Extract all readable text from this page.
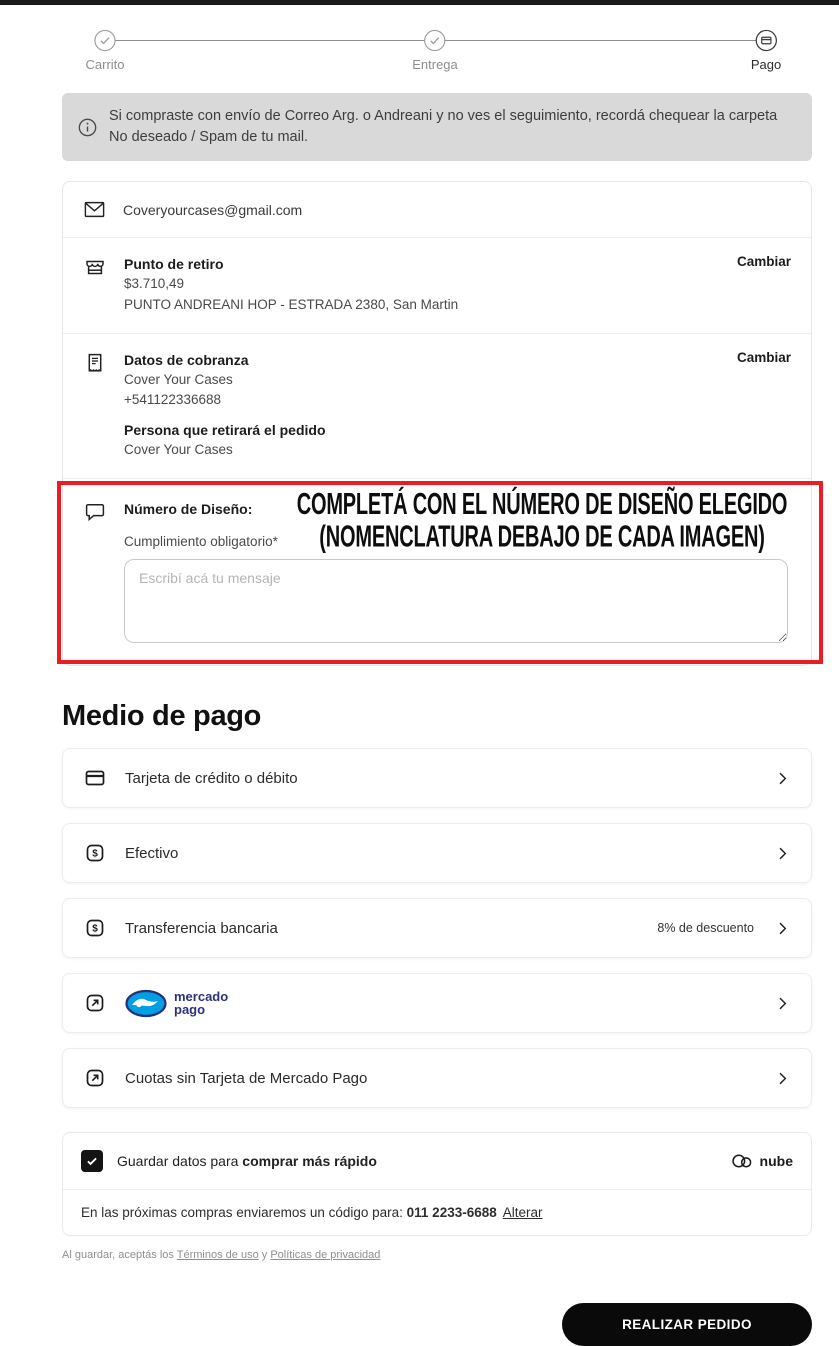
Carrito	Entrega	Pago
Si compraste con envío de Correo Arg. o Andreani y no ves el seguimiento, recordá chequear la carpeta No deseado / Spam de tu mail.
Coveryourcases@gmail.com
Punto de retiro
$3.710,49
PUNTO ANDREANI HOP - ESTRADA 2380, San Martin
Cambiar
Datos de cobranza
Cover Your Cases
+541122336688
Persona que retirará el pedido
Cover Your Cases
Cambiar
Número de Diseño:	COMPLETÁ CON EL NÚMERO DE DISEÑO ELEGIDO
(NOMENCLATURA DEBAJO DE CADA IMAGEN)
Cumplimiento obligatorio*
Escribí acá tu mensaje
Medio de pago
Tarjeta de crédito o débito
$ Efectivo
$ Transferencia bancaria	8% de descuento
mercado
pago
Cuotas sin Tarjeta de Mercado Pago
Guardar datos para comprar más rápido	nube
En las próximas compras enviaremos un código para: 011 2233-6688 Alterar
Al guardar, aceptás los Términos de uso y Políticas de privacidad
REALIZAR PEDIDO
